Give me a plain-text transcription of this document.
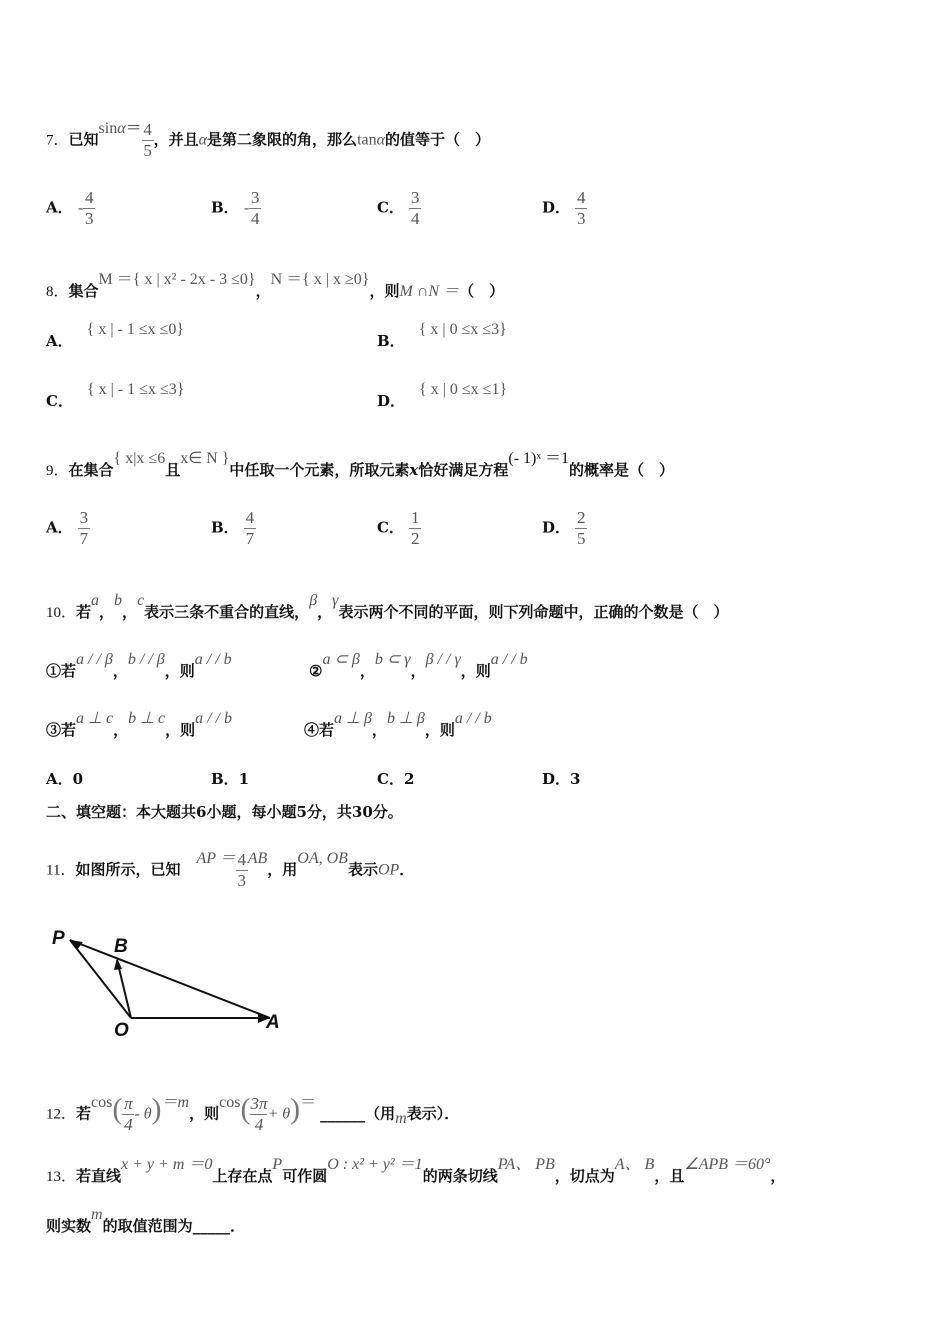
7．已知$\sin\alpha= \frac{4}{5}$ ，并且α是第二象限的角，那么tanα的值等于（　）
A． - $\frac{4}{3}$	B． - $\frac{3}{4}$	C． $\frac{3}{4}$	D． $\frac{4}{3}$
8．集合M ＝{ x | x² - 2x - 3 ≤0}，N ＝{ x | x ≥0}，则M ∩N ＝（　）
A．{ x | - 1 ≤x ≤0}
B．{ x | 0 ≤x ≤3}
C．{ x | - 1 ≤x ≤3}
D．{ x | 0 ≤x ≤1}
9．在集合{ x|x ≤6且x∈ N }中任取一个元素，所取元素x恰好满足方程(- 1)ˣ ＝1的概率是（　）
A． $\frac{3}{7}$	B． $\frac{4}{7}$	C． $\frac{1}{2}$	D． $\frac{2}{5}$
10．若a，b，c表示三条不重合的直线，β，γ表示两个不同的平面，则下列命题中，正确的个数是（　）
①若a / / β，b / / β，则a / / b
②a ⊂ β，b ⊂ γ，β / / γ，则a / / b
③若a ⊥ c，b ⊥ c，则a / / b
④若a ⊥ β，b ⊥ β，则a / / b
A．0	B．1	C．2	D．3
二、填空题：本大题共6小题，每小题5分，共30分。
11．如图所示，已知AP ＝ $\frac{4}{3}$ AB，用OA, OB表示OP．
P	B
O	A
12．若$\cos( \frac{\pi}{4} - \theta)=m$，则$\cos( \frac{3\pi}{4}$ + θ)＝______（用m表示）．
13．若直线x + y + m ＝0上存在点P可作圆O : x² + y² ＝1的两条切线PA、 PB，切点为A、 B，且∠APB ＝60°，
则实数m的取值范围为_____．
